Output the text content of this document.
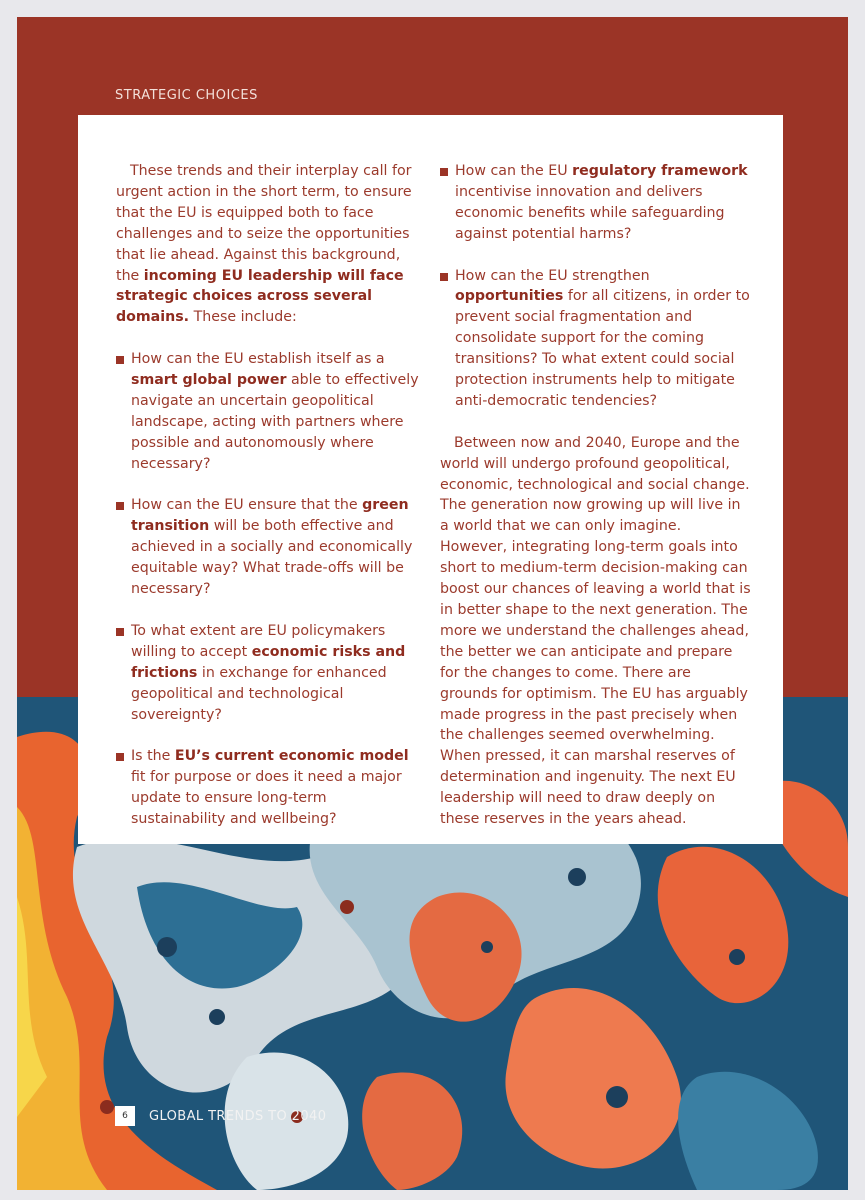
STRATEGIC CHOICES

These trends and their interplay call for urgent action in the short term, to ensure that the EU is equipped both to face challenges and to seize the opportunities that lie ahead. Against this background, the incoming EU leadership will face strategic choices across several domains. These include:

How can the EU establish itself as a smart global power able to effectively navigate an uncertain geopolitical landscape, acting with partners where possible and autonomously where necessary?
How can the EU ensure that the green transition will be both effective and achieved in a socially and economically equitable way? What trade-offs will be necessary?
To what extent are EU policymakers willing to accept economic risks and frictions in exchange for enhanced geopolitical and technological sovereignty?
Is the EU’s current economic model fit for purpose or does it need a major update to ensure long-term sustainability and wellbeing?
How can the EU regulatory framework incentivise innovation and delivers economic benefits while safeguarding against potential harms?
How can the EU strengthen opportunities for all citizens, in order to prevent social fragmentation and consolidate support for the coming transitions? To what extent could social protection instruments help to mitigate anti-democratic tendencies?

Between now and 2040, Europe and the world will undergo profound geopolitical, economic, technological and social change. The generation now growing up will live in a world that we can only imagine. However, integrating long-term goals into short to medium-term decision-making can boost our chances of leaving a world that is in better shape to the next generation. The more we understand the challenges ahead, the better we can anticipate and prepare for the changes to come. There are grounds for optimism. The EU has arguably made progress in the past precisely when the challenges seemed overwhelming. When pressed, it can marshal reserves of determination and ingenuity. The next EU leadership will need to draw deeply on these reserves in the years ahead.

6	GLOBAL TRENDS TO 2040
